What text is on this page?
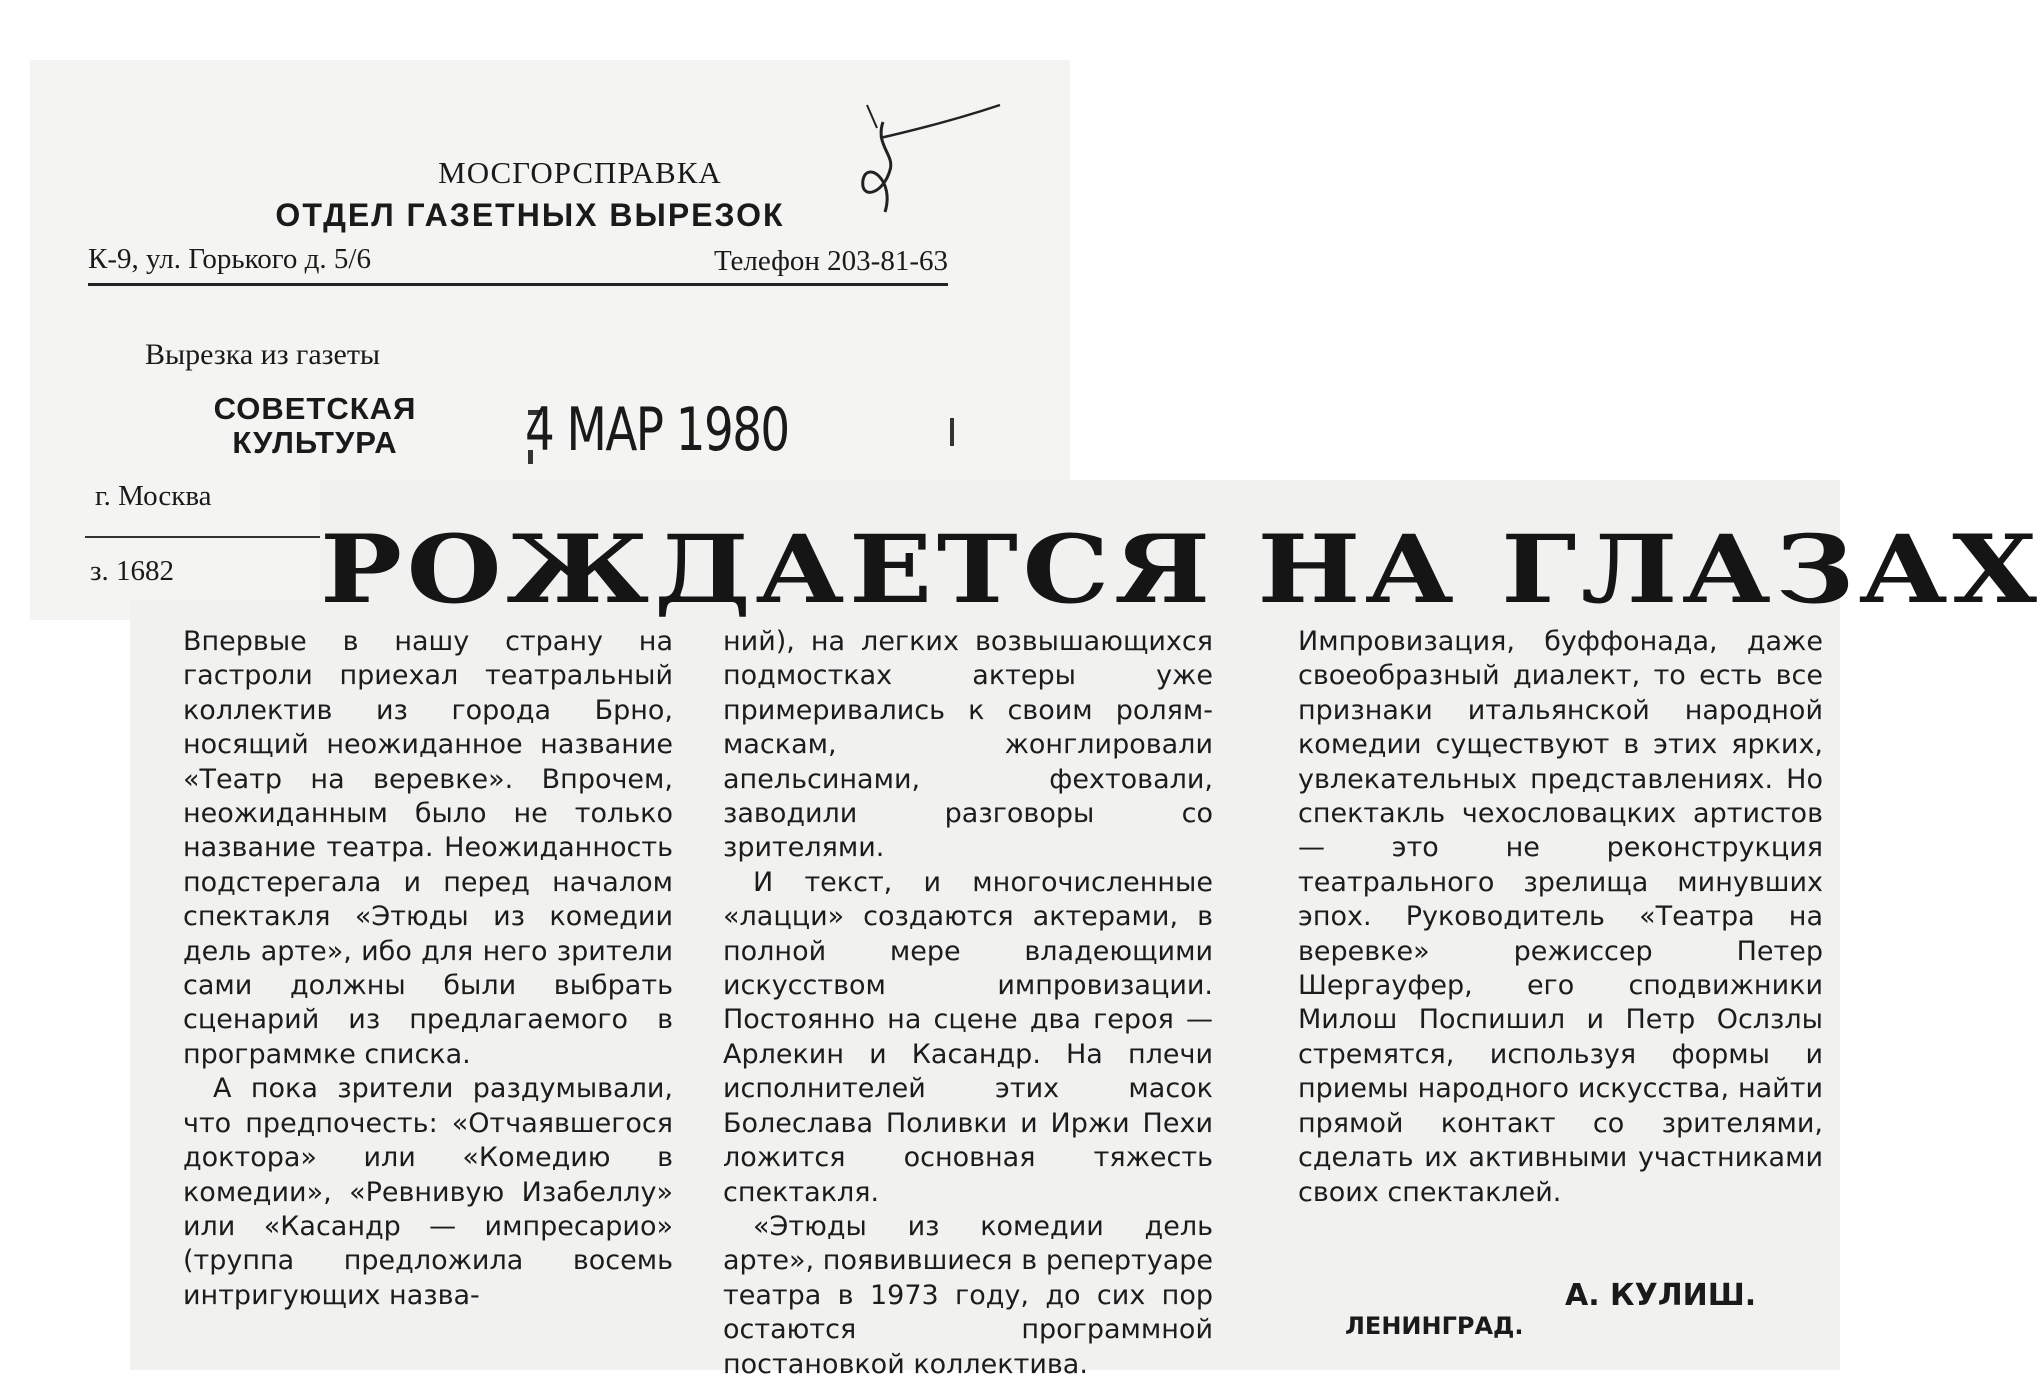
МОСГОРСПРАВКА
ОТДЕЛ ГАЗЕТНЫХ ВЫРЕЗОК
К-9, ул. Горького д. 5/6	Телефон 203-81-63
Вырезка из газеты
СОВЕТСКАЯ
КУЛЬТУРА	4 МАР 1980
г. Москва
з. 1682 РОЖДАЕТСЯ НА ГЛАЗАХ

Впервые в нашу страну на гастроли приехал театральный коллектив из города Брно, носящий неожиданное название «Театр на веревке». Впрочем, неожиданным было не только название театра. Неожиданность подстерегала и перед началом спектакля «Этюды из комедии дель арте», ибо для него зрители сами должны были выбрать сценарий из предлагаемого в программке списка.

А пока зрители раздумывали, что предпочесть: «Отчаявшегося доктора» или «Комедию в комедии», «Ревнивую Изабеллу» или «Касандр — импресарио» (труппа предложила восемь интригующих назва-

ний), на легких возвышающихся подмостках актеры уже примеривались к своим ролям-маскам, жонглировали апельсинами, фехтовали, заводили разговоры со зрителями.

И текст, и многочисленные «лацци» создаются актерами, в полной мере владеющими искусством импровизации. Постоянно на сцене два героя — Арлекин и Касандр. На плечи исполнителей этих масок Болеслава Поливки и Иржи Пехи ложится основная тяжесть спектакля.

«Этюды из комедии дель арте», появившиеся в репертуаре театра в 1973 году, до сих пор остаются программной постановкой коллектива.

Импровизация, буффонада, даже своеобразный диалект, то есть все признаки итальянской народной комедии существуют в этих ярких, увлекательных представлениях. Но спектакль чехословацких артистов — это не реконструкция театрального зрелища минувших эпох. Руководитель «Театра на веревке» режиссер Петер Шергауфер, его сподвижники Милош Поспишил и Петр Ослзлы стремятся, используя формы и приемы народного искусства, найти прямой контакт со зрителями, сделать их активными участниками своих спектаклей.

А. КУЛИШ.
ЛЕНИНГРАД.
